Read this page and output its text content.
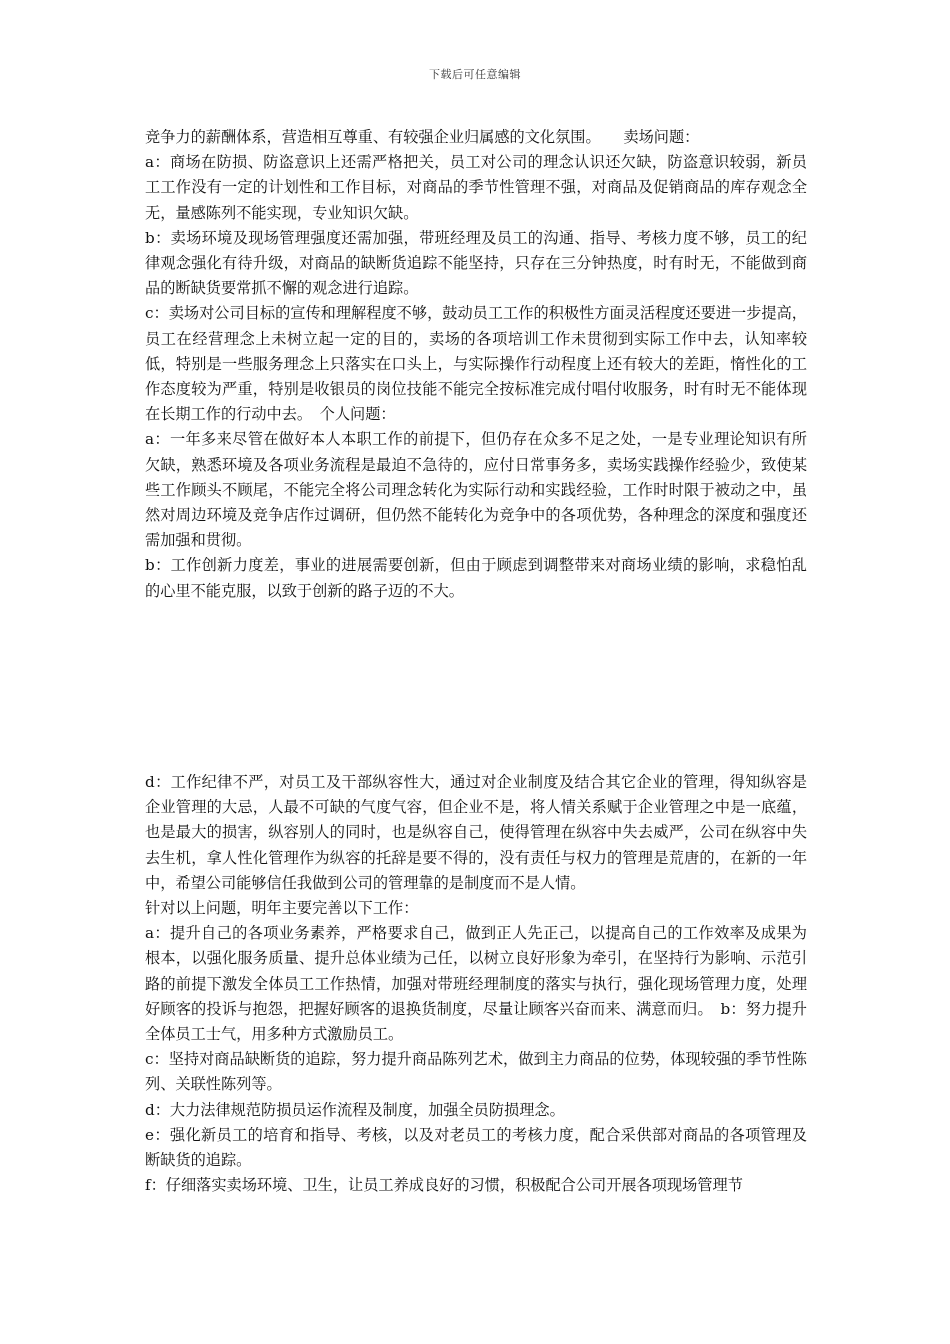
下载后可任意编辑

竞争力的薪酬体系，营造相互尊重、有较强企业归属感的文化氛围。　　卖场问题：

a：商场在防损、防盗意识上还需严格把关，员工对公司的理念认识还欠缺，防盗意识较弱，新员工工作没有一定的计划性和工作目标，对商品的季节性管理不强，对商品及促销商品的库存观念全无，量感陈列不能实现，专业知识欠缺。

b：卖场环境及现场管理强度还需加强，带班经理及员工的沟通、指导、考核力度不够，员工的纪律观念强化有待升级，对商品的缺断货追踪不能坚持，只存在三分钟热度，时有时无，不能做到商品的断缺货要常抓不懈的观念进行追踪。

c：卖场对公司目标的宣传和理解程度不够，鼓动员工工作的积极性方面灵活程度还要进一步提高，员工在经营理念上未树立起一定的目的，卖场的各项培训工作未贯彻到实际工作中去，认知率较低，特别是一些服务理念上只落实在口头上，与实际操作行动程度上还有较大的差距，惰性化的工作态度较为严重，特别是收银员的岗位技能不能完全按标准完成付唱付收服务，时有时无不能体现在长期工作的行动中去。　个人问题：

a：一年多来尽管在做好本人本职工作的前提下，但仍存在众多不足之处，一是专业理论知识有所欠缺，熟悉环境及各项业务流程是最迫不急待的，应付日常事务多，卖场实践操作经验少，致使某些工作顾头不顾尾，不能完全将公司理念转化为实际行动和实践经验，工作时时限于被动之中，虽然对周边环境及竞争店作过调研，但仍然不能转化为竞争中的各项优势，各种理念的深度和强度还需加强和贯彻。

b：工作创新力度差，事业的进展需要创新，但由于顾虑到调整带来对商场业绩的影响，求稳怕乱的心里不能克服，以致于创新的路子迈的不大。

d：工作纪律不严，对员工及干部纵容性大，通过对企业制度及结合其它企业的管理，得知纵容是企业管理的大忌，人最不可缺的气度气容，但企业不是，将人情关系赋于企业管理之中是一底蕴，也是最大的损害，纵容别人的同时，也是纵容自己，使得管理在纵容中失去威严，公司在纵容中失去生机，拿人性化管理作为纵容的托辞是要不得的，没有责任与权力的管理是荒唐的，在新的一年中，希望公司能够信任我做到公司的管理靠的是制度而不是人情。

针对以上问题，明年主要完善以下工作：

a：提升自己的各项业务素养，严格要求自己，做到正人先正己，以提高自己的工作效率及成果为根本，以强化服务质量、提升总体业绩为己任，以树立良好形象为牵引，在坚持行为影响、示范引路的前提下激发全体员工工作热情，加强对带班经理制度的落实与执行，强化现场管理力度，处理好顾客的投诉与抱怨，把握好顾客的退换货制度，尽量让顾客兴奋而来、满意而归。　b：努力提升全体员工士气，用多种方式激励员工。

c：坚持对商品缺断货的追踪，努力提升商品陈列艺术，做到主力商品的位势，体现较强的季节性陈列、关联性陈列等。

d：大力法律规范防损员运作流程及制度，加强全员防损理念。

e：强化新员工的培育和指导、考核，以及对老员工的考核力度，配合采供部对商品的各项管理及断缺货的追踪。

f：仔细落实卖场环境、卫生，让员工养成良好的习惯，积极配合公司开展各项现场管理节
